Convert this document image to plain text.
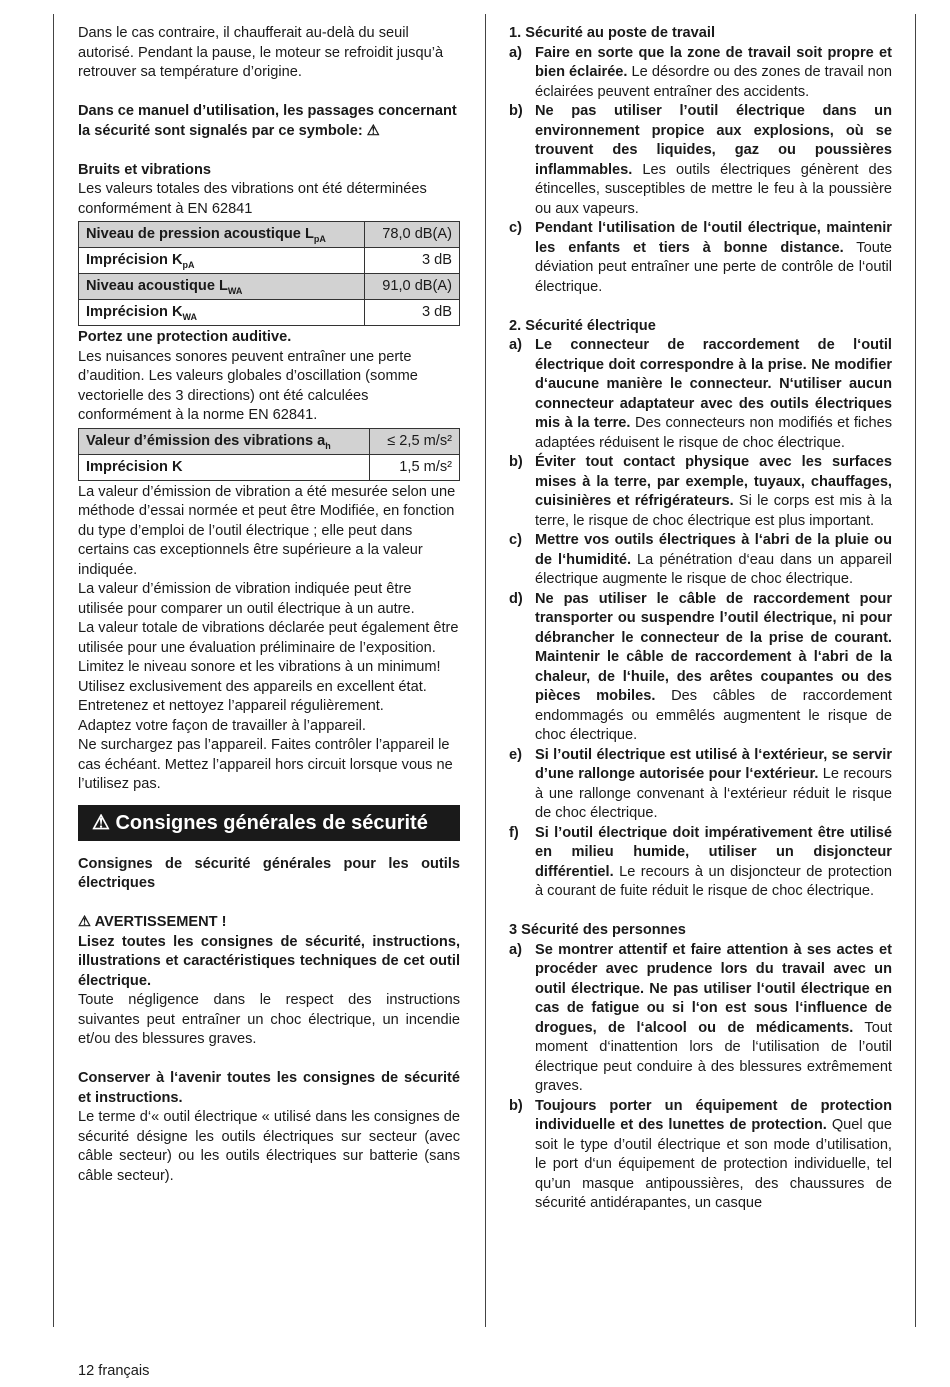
Dans le cas contraire, il chaufferait au-delà du seuil autorisé. Pendant la pause, le moteur se refroidit jusqu’à retrouver sa température d’origine.

Dans ce manuel d’utilisation, les passages concernant la sécurité sont signalés par ce symbole: ⚠

Bruits et vibrations

Les valeurs totales des vibrations ont été déterminées conformément à EN 62841

Niveau de pression acoustique $L_{pA}$	78,0 dB(A)
Imprécision $K_{pA}$	3 dB
Niveau acoustique $L_{WA}$	91,0 dB(A)
Imprécision $K_{WA}$	3 dB

Portez une protection auditive.

Les nuisances sonores peuvent entraîner une perte d’audition. Les valeurs globales d’oscillation (somme vectorielle des 3 directions) ont été calculées conformément à la norme EN 62841.

Valeur d’émission des vibrations $a_h$	≤ 2,5 m/s²
Imprécision K	1,5 m/s²

La valeur d’émission de vibration a été mesurée selon une méthode d’essai normée et peut être Modifiée, en fonction du type d’emploi de l’outil électrique ; elle peut dans certains cas exceptionnels être supérieure a la valeur indiquée.

La valeur d’émission de vibration indiquée peut être utilisée pour comparer un outil électrique à un autre.

La valeur totale de vibrations déclarée peut également être utilisée pour une évaluation préliminaire de l’exposition.

Limitez le niveau sonore et les vibrations à un minimum! Utilisez exclusivement des appareils en excellent état. Entretenez et nettoyez l’appareil régulièrement.

Adaptez votre façon de travailler à l’appareil.

Ne surchargez pas l’appareil. Faites contrôler l’appareil le cas échéant. Mettez l’appareil hors circuit lorsque vous ne l’utilisez pas.

⚠ Consignes générales de sécurité

Consignes de sécurité générales pour les outils électriques

⚠ AVERTISSEMENT !

Lisez toutes les consignes de sécurité, instructions, illustrations et caractéristiques techniques de cet outil électrique.

Toute négligence dans le respect des instructions suivantes peut entraîner un choc électrique, un incendie et/ou des blessures graves.

Conserver à l‘avenir toutes les consignes de sécurité et instructions.

Le terme d‘« outil électrique « utilisé dans les consignes de sécurité désigne les outils électriques sur secteur (avec câble secteur) ou les outils électriques sur batterie (sans câble secteur).

1. Sécurité au poste de travail

a) Faire en sorte que la zone de travail soit propre et bien éclairée. Le désordre ou des zones de travail non éclairées peuvent entraîner des accidents.
b) Ne pas utiliser l’outil électrique dans un environnement propice aux explosions, où se trouvent des liquides, gaz ou poussières inflammables. Les outils électriques génèrent des étincelles, susceptibles de mettre le feu à la poussière ou aux vapeurs.
c) Pendant l‘utilisation de l‘outil électrique, maintenir les enfants et tiers à bonne distance. Toute déviation peut entraîner une perte de contrôle de l‘outil électrique.

2. Sécurité électrique

a) Le connecteur de raccordement de l‘outil électrique doit correspondre à la prise. Ne modifier d‘aucune manière le connecteur. N‘utiliser aucun connecteur adaptateur avec des outils électriques mis à la terre. Des connecteurs non modifiés et fiches adaptées réduisent le risque de choc électrique.
b) Éviter tout contact physique avec les surfaces mises à la terre, par exemple, tuyaux, chauffages, cuisinières et réfrigérateurs. Si le corps est mis à la terre, le risque de choc électrique est plus important.
c) Mettre vos outils électriques à l‘abri de la pluie ou de l‘humidité. La pénétration d‘eau dans un appareil électrique augmente le risque de choc électrique.
d) Ne pas utiliser le câble de raccordement pour transporter ou suspendre l’outil électrique, ni pour débrancher le connecteur de la prise de courant. Maintenir le câble de raccordement à l‘abri de la chaleur, de l‘huile, des arêtes coupantes ou des pièces mobiles. Des câbles de raccordement endommagés ou emmêlés augmentent le risque de choc électrique.
e) Si l’outil électrique est utilisé à l‘extérieur, se servir d’une rallonge autorisée pour l‘extérieur. Le recours à une rallonge convenant à l‘extérieur réduit le risque de choc électrique.
f)	Si l’outil électrique doit impérativement être utilisé en milieu humide, utiliser un disjoncteur différentiel. Le recours à un disjoncteur de protection à courant de fuite réduit le risque de choc électrique.

3 Sécurité des personnes

a) Se montrer attentif et faire attention à ses actes et procéder avec prudence lors du travail avec un outil électrique. Ne pas utiliser l‘outil électrique en cas de fatigue ou si l‘on est sous l‘influence de drogues, de l‘alcool ou de médicaments. Tout moment d‘inattention lors de l‘utilisation de l’outil électrique peut conduire à des blessures extrêmement graves.
b) Toujours porter un équipement de protection individuelle et des lunettes de protection. Quel que soit le type d’outil électrique et son mode d’utilisation, le port d‘un équipement de protection individuelle, tel qu’un masque antipoussières, des chaussures de sécurité antidérapantes, un casque
12 français
